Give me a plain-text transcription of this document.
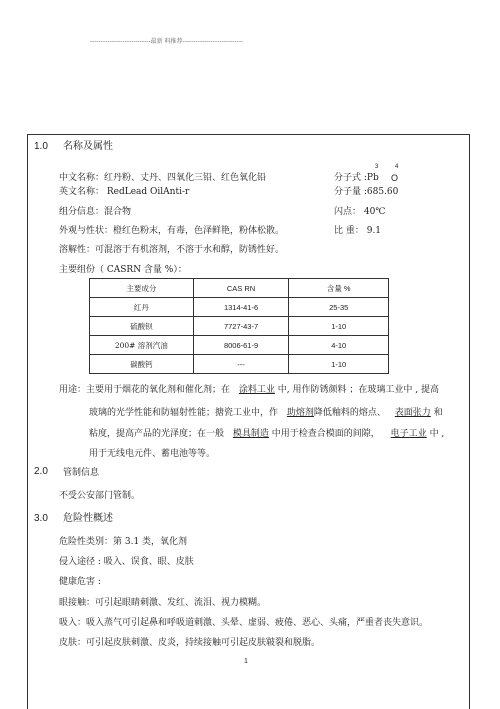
----------------------------最新 料推荐----------------------------
1.0 名称及属性
3	4
中文名称：红丹粉、丈丹、四氧化三铅、红色氧化铅	分子式 :Pb O
英文名称： RedLead OilAnti-r	分子量 :685.60
组分信息：混合物	闪点： 40℃
外观与性状：橙红色粉末，有毒，色泽鲜艳，粉体松散。	比 重： 9.1
溶解性：可混溶于有机溶剂，不溶于水和醇，防锈性好。
主要组份（ CASRN 含量 %）：
主要成分	CAS RN	含量 %
红丹	1314-41-6	25-35
硫酸钡	7727-43-7	1-10
200# 溶剂汽油	8006-61-9	4-10
碳酸钙	---	1-10
用途：主要用于烟花的氧化剂和催化剂；在 涂料工业 中, 用作防锈颜料 ；在玻璃工业中 , 提高
玻璃的光学性能和防辐射性能；搪瓷工业中，作 助熔剂降低釉料的熔点、 表面张力 和
粘度，提高产品的光泽度；在一般 模具制造 中用于检查合模面的间隙， 电子工业 中 ,
用于无线电元件、蓄电池等等。
2.0 管制信息
不受公安部门管制。
3.0 危险性概述
危险性类别：第 3.1 类，氧化剂
侵入途径 : 吸入、误食、眼、皮肤
健康危害 :
眼接触：可引起眼睛刺激、发红、流泪、视力模糊。
吸入：吸入蒸气可引起鼻和呼吸道刺激、头晕、虚弱、疲倦、恶心、头痛，严重者丧失意识。
皮肤：可引起皮肤刺激、皮炎，持续接触可引起皮肤皲裂和脱脂。
1
